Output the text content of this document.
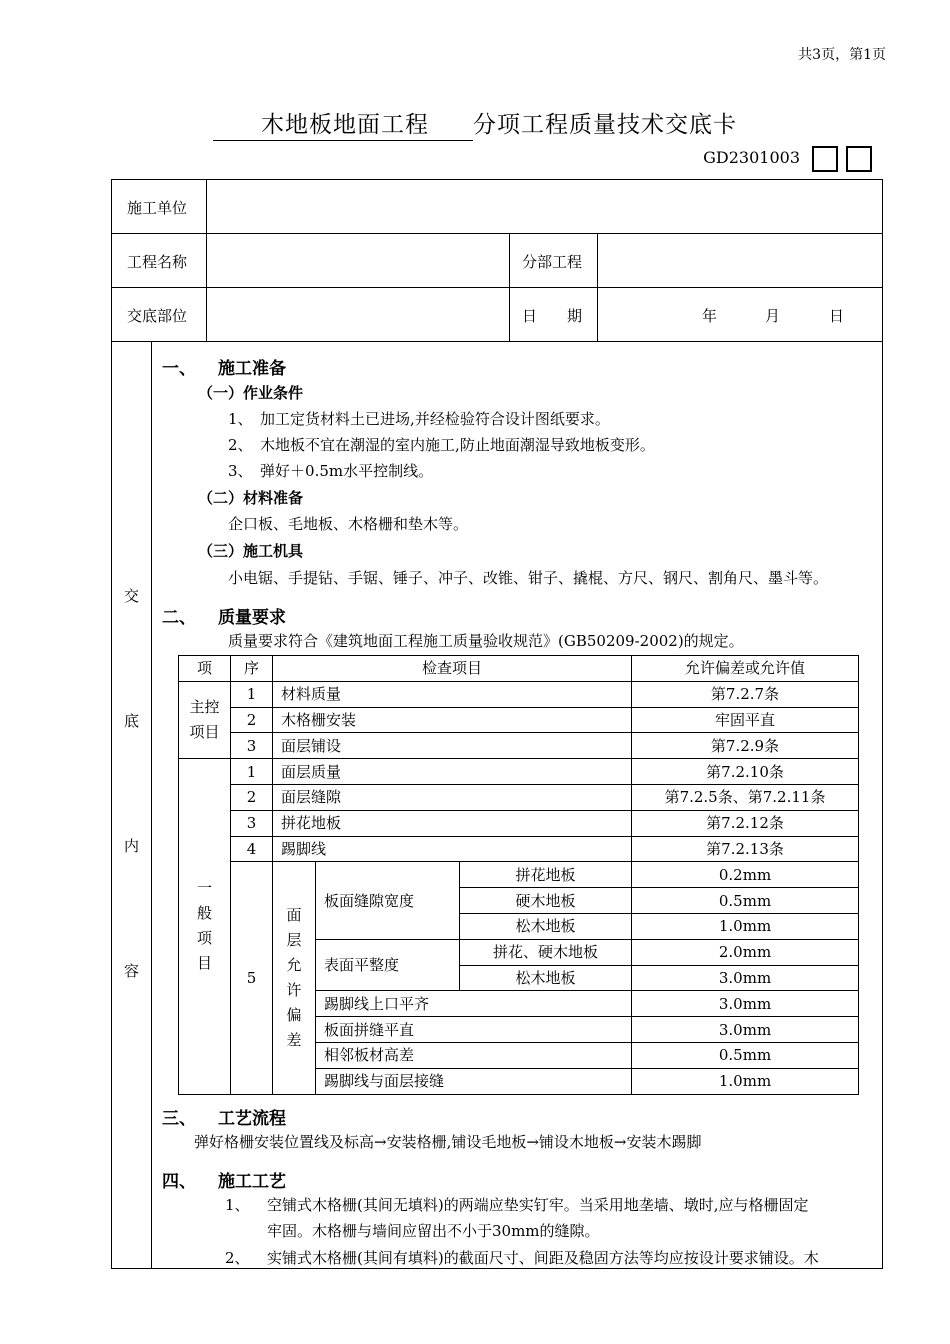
共3页，第1页
木地板地面工程 分项工程质量技术交底卡
GD2301003
施工单位
工程名称	分部工程
交底部位	日　　期	年	月	日
交
底
内
容
一、 施工准备
（一）作业条件
1、　加工定货材料土已进场,并经检验符合设计图纸要求。
2、　木地板不宜在潮湿的室内施工,防止地面潮湿导致地板变形。
3、　弹好＋0.5m水平控制线。
（二）材料准备
企口板、毛地板、木格栅和垫木等。
（三）施工机具
小电锯、手提钻、手锯、锤子、冲子、改锥、钳子、撬棍、方尺、钢尺、割角尺、墨斗等。
二、 质量要求
质量要求符合《建筑地面工程施工质量验收规范》(GB50209-2002)的规定。
项	序	检查项目			允许偏差或允许值
主控项目	1	材料质量			第7.2.7条
	2	木格栅安装			牢固平直
	3	面层铺设			第7.2.9条
一般项目	1	面层质量			第7.2.10条
	2	面层缝隙			第7.2.5条、第7.2.11条
	3	拼花地板			第7.2.12条
	4	踢脚线			第7.2.13条
	5	面层允许偏差	板面缝隙宽度	拼花地板	0.2mm
				硬木地板	0.5mm
				松木地板	1.0mm
			表面平整度	拼花、硬木地板	2.0mm
				松木地板	3.0mm
			踢脚线上口平齐		3.0mm
			板面拼缝平直		3.0mm
			相邻板材高差		0.5mm
			踢脚线与面层接缝		1.0mm
三、 工艺流程
弹好格栅安装位置线及标高→安装格栅,铺设毛地板→铺设木地板→安装木踢脚
四、 施工工艺
1、 空铺式木格栅(其间无填料)的两端应垫实钉牢。当采用地垄墙、墩时,应与格栅固定
牢固。木格栅与墙间应留出不小于30mm的缝隙。
2、 实铺式木格栅(其间有填料)的截面尺寸、间距及稳固方法等均应按设计要求铺设。木
